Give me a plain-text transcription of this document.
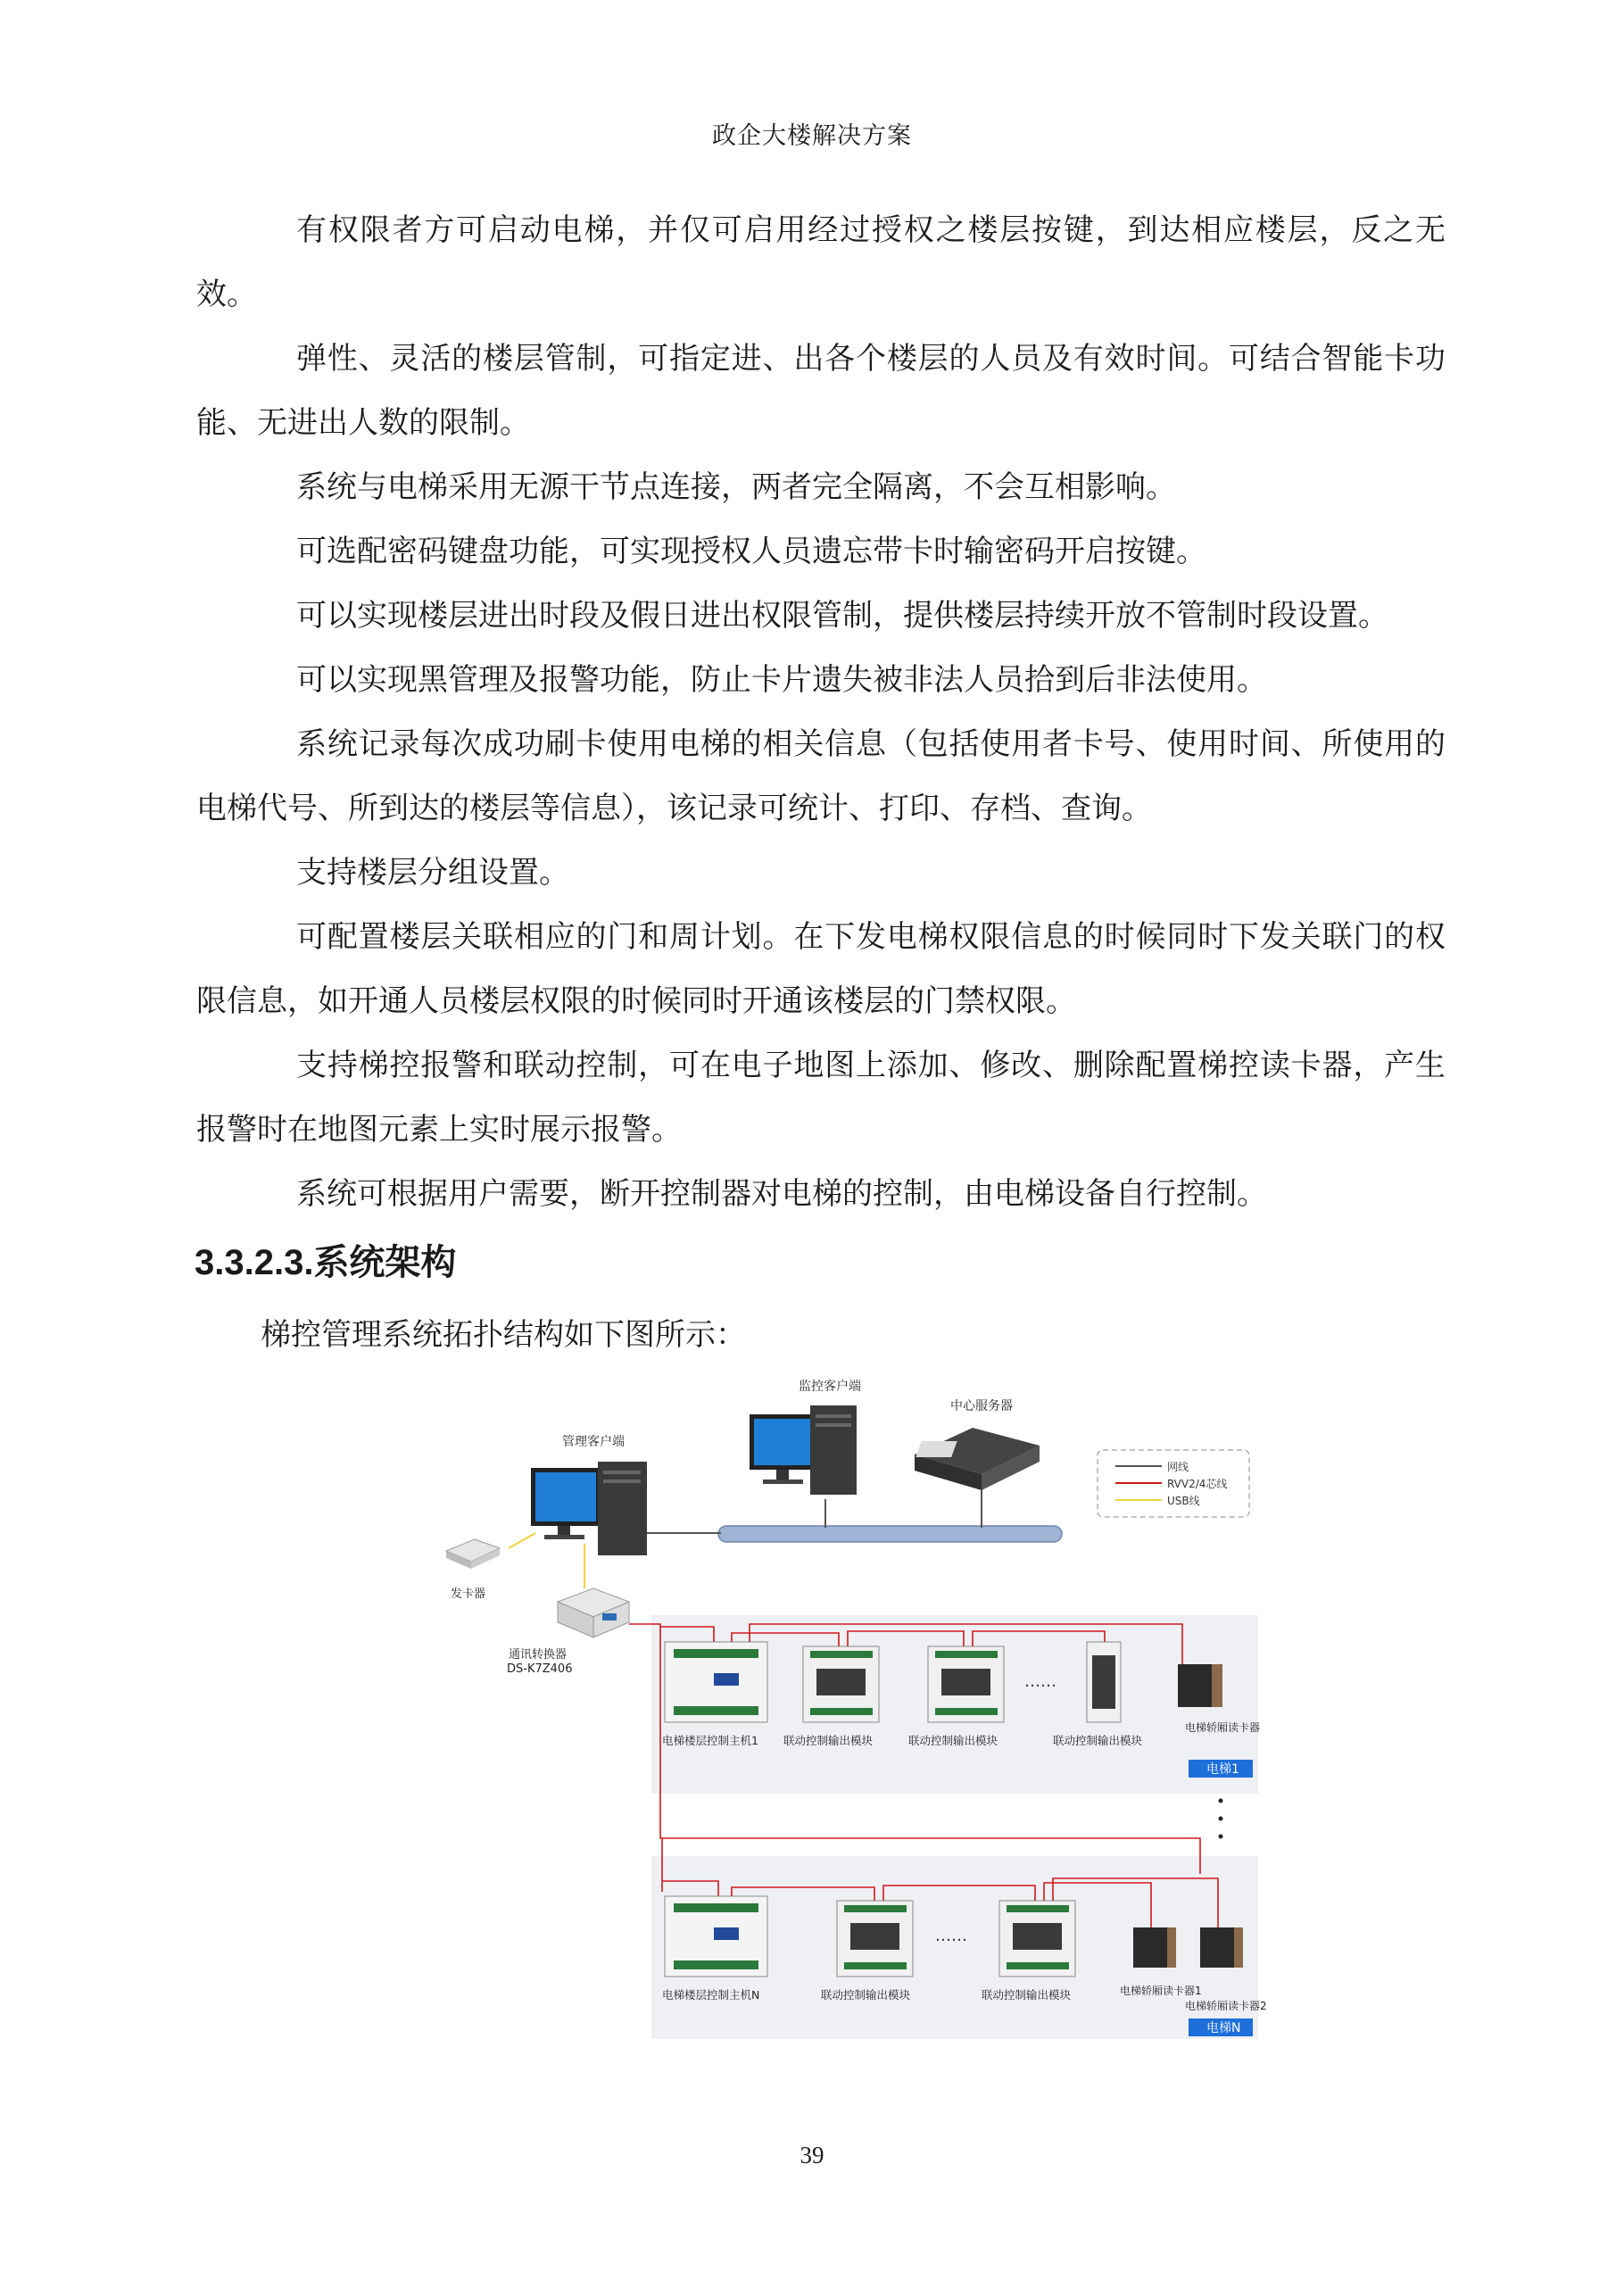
政企大楼解决方案

有权限者方可启动电梯，并仅可启用经过授权之楼层按键，到达相应楼层，反之无效。

弹性、灵活的楼层管制，可指定进、出各个楼层的人员及有效时间。可结合智能卡功能、无进出人数的限制。

系统与电梯采用无源干节点连接，两者完全隔离，不会互相影响。

可选配密码键盘功能，可实现授权人员遗忘带卡时输密码开启按键。

可以实现楼层进出时段及假日进出权限管制，提供楼层持续开放不管制时段设置。

可以实现黑管理及报警功能，防止卡片遗失被非法人员拾到后非法使用。

系统记录每次成功刷卡使用电梯的相关信息（包括使用者卡号、使用时间、所使用的电梯代号、所到达的楼层等信息），该记录可统计、打印、存档、查询。

支持楼层分组设置。

可配置楼层关联相应的门和周计划。在下发电梯权限信息的时候同时下发关联门的权限信息，如开通人员楼层权限的时候同时开通该楼层的门禁权限。

支持梯控报警和联动控制，可在电子地图上添加、修改、删除配置梯控读卡器，产生报警时在地图元素上实时展示报警。

系统可根据用户需要，断开控制器对电梯的控制，由电梯设备自行控制。

3.3.2.3.系统架构
梯控管理系统拓扑结构如下图所示：
监控客户端
中心服务器
网线
RVV2/4芯线
USB线
管理客户端
发卡器
通讯转换器
DS-K7Z406
电梯楼层控制主机1 联动控制输出模块	联动控制输出模块
……
联动控制输出模块
电梯轿厢读卡器
电梯1
电梯楼层控制主机N	联动控制输出模块
……
联动控制输出模块	电梯轿厢读卡器1
电梯轿厢读卡器2
电梯N
39
